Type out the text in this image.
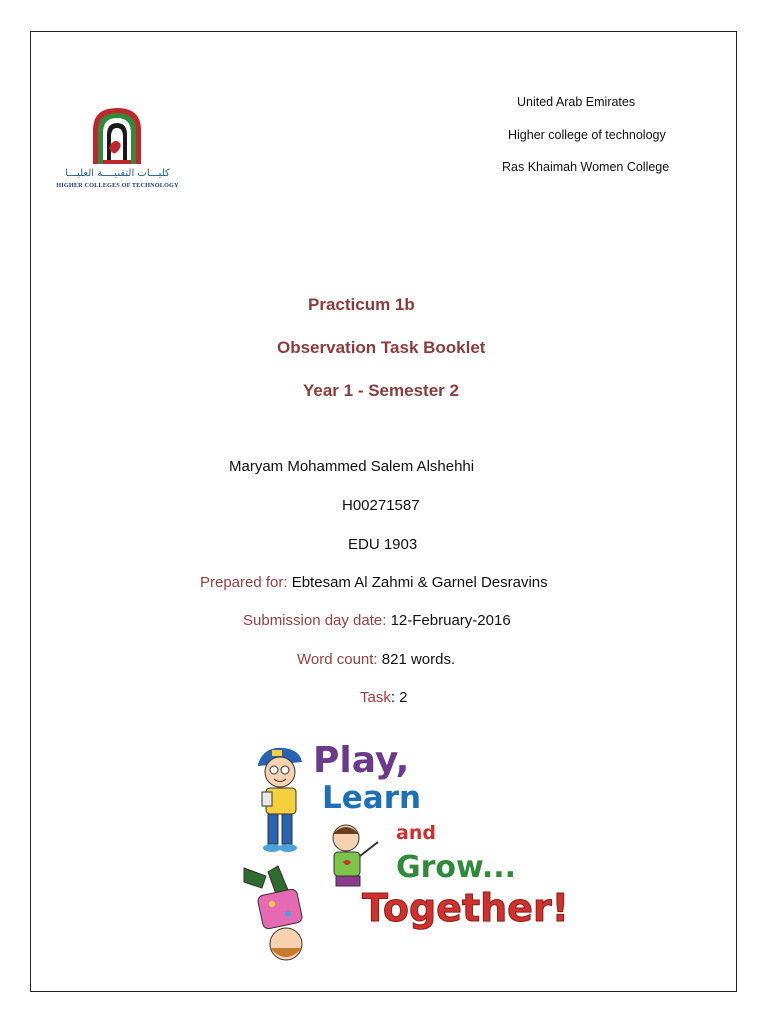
كليـــات التقنيــــة العليـــا
HIGHER COLLEGES OF TECHNOLOGY
United Arab Emirates
Higher college of technology
Ras Khaimah Women College
Practicum 1b
Observation Task Booklet
Year 1 - Semester 2
Maryam Mohammed Salem Alshehhi
H00271587
EDU 1903
Prepared for: Ebtesam Al Zahmi & Garnel Desravins
Submission day date: 12-February-2016
Word count: 821 words.
Task: 2
Play,
Learn
and
Grow...
Together!
